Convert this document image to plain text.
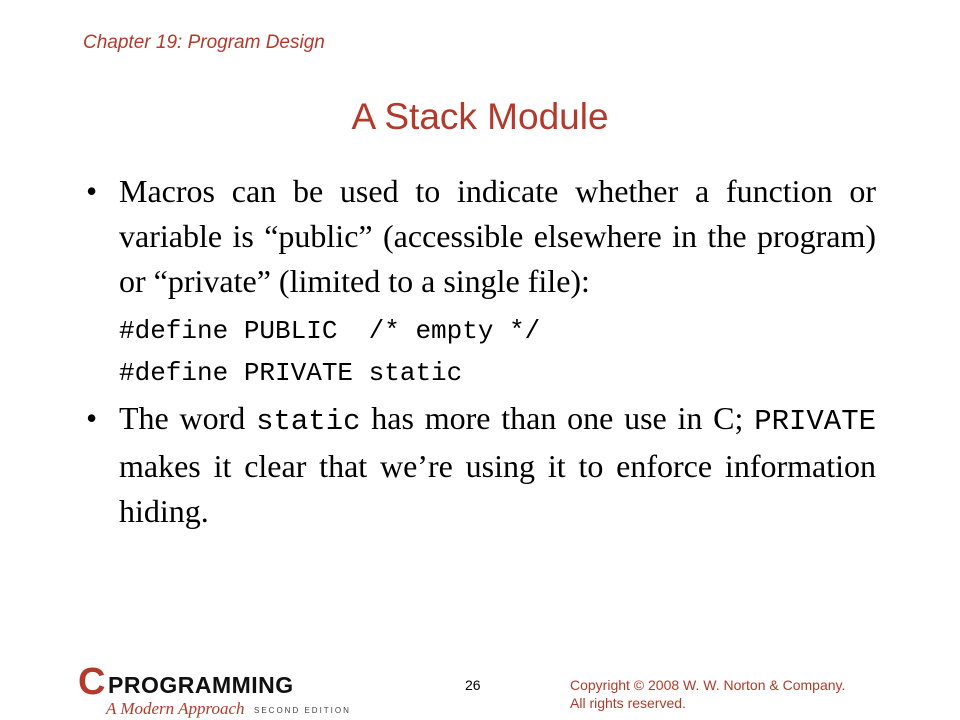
Chapter 19: Program Design
A Stack Module
• Macros can be used to indicate whether a function or variable is “public” (accessible elsewhere in the program) or “private” (limited to a single file):
#define PUBLIC  /* empty */
#define PRIVATE static
• The word static has more than one use in C; PRIVATE makes it clear that we’re using it to enforce information hiding.
C PROGRAMMING
A Modern Approach SECOND EDITION
26	Copyright © 2008 W. W. Norton & Company.
All rights reserved.
